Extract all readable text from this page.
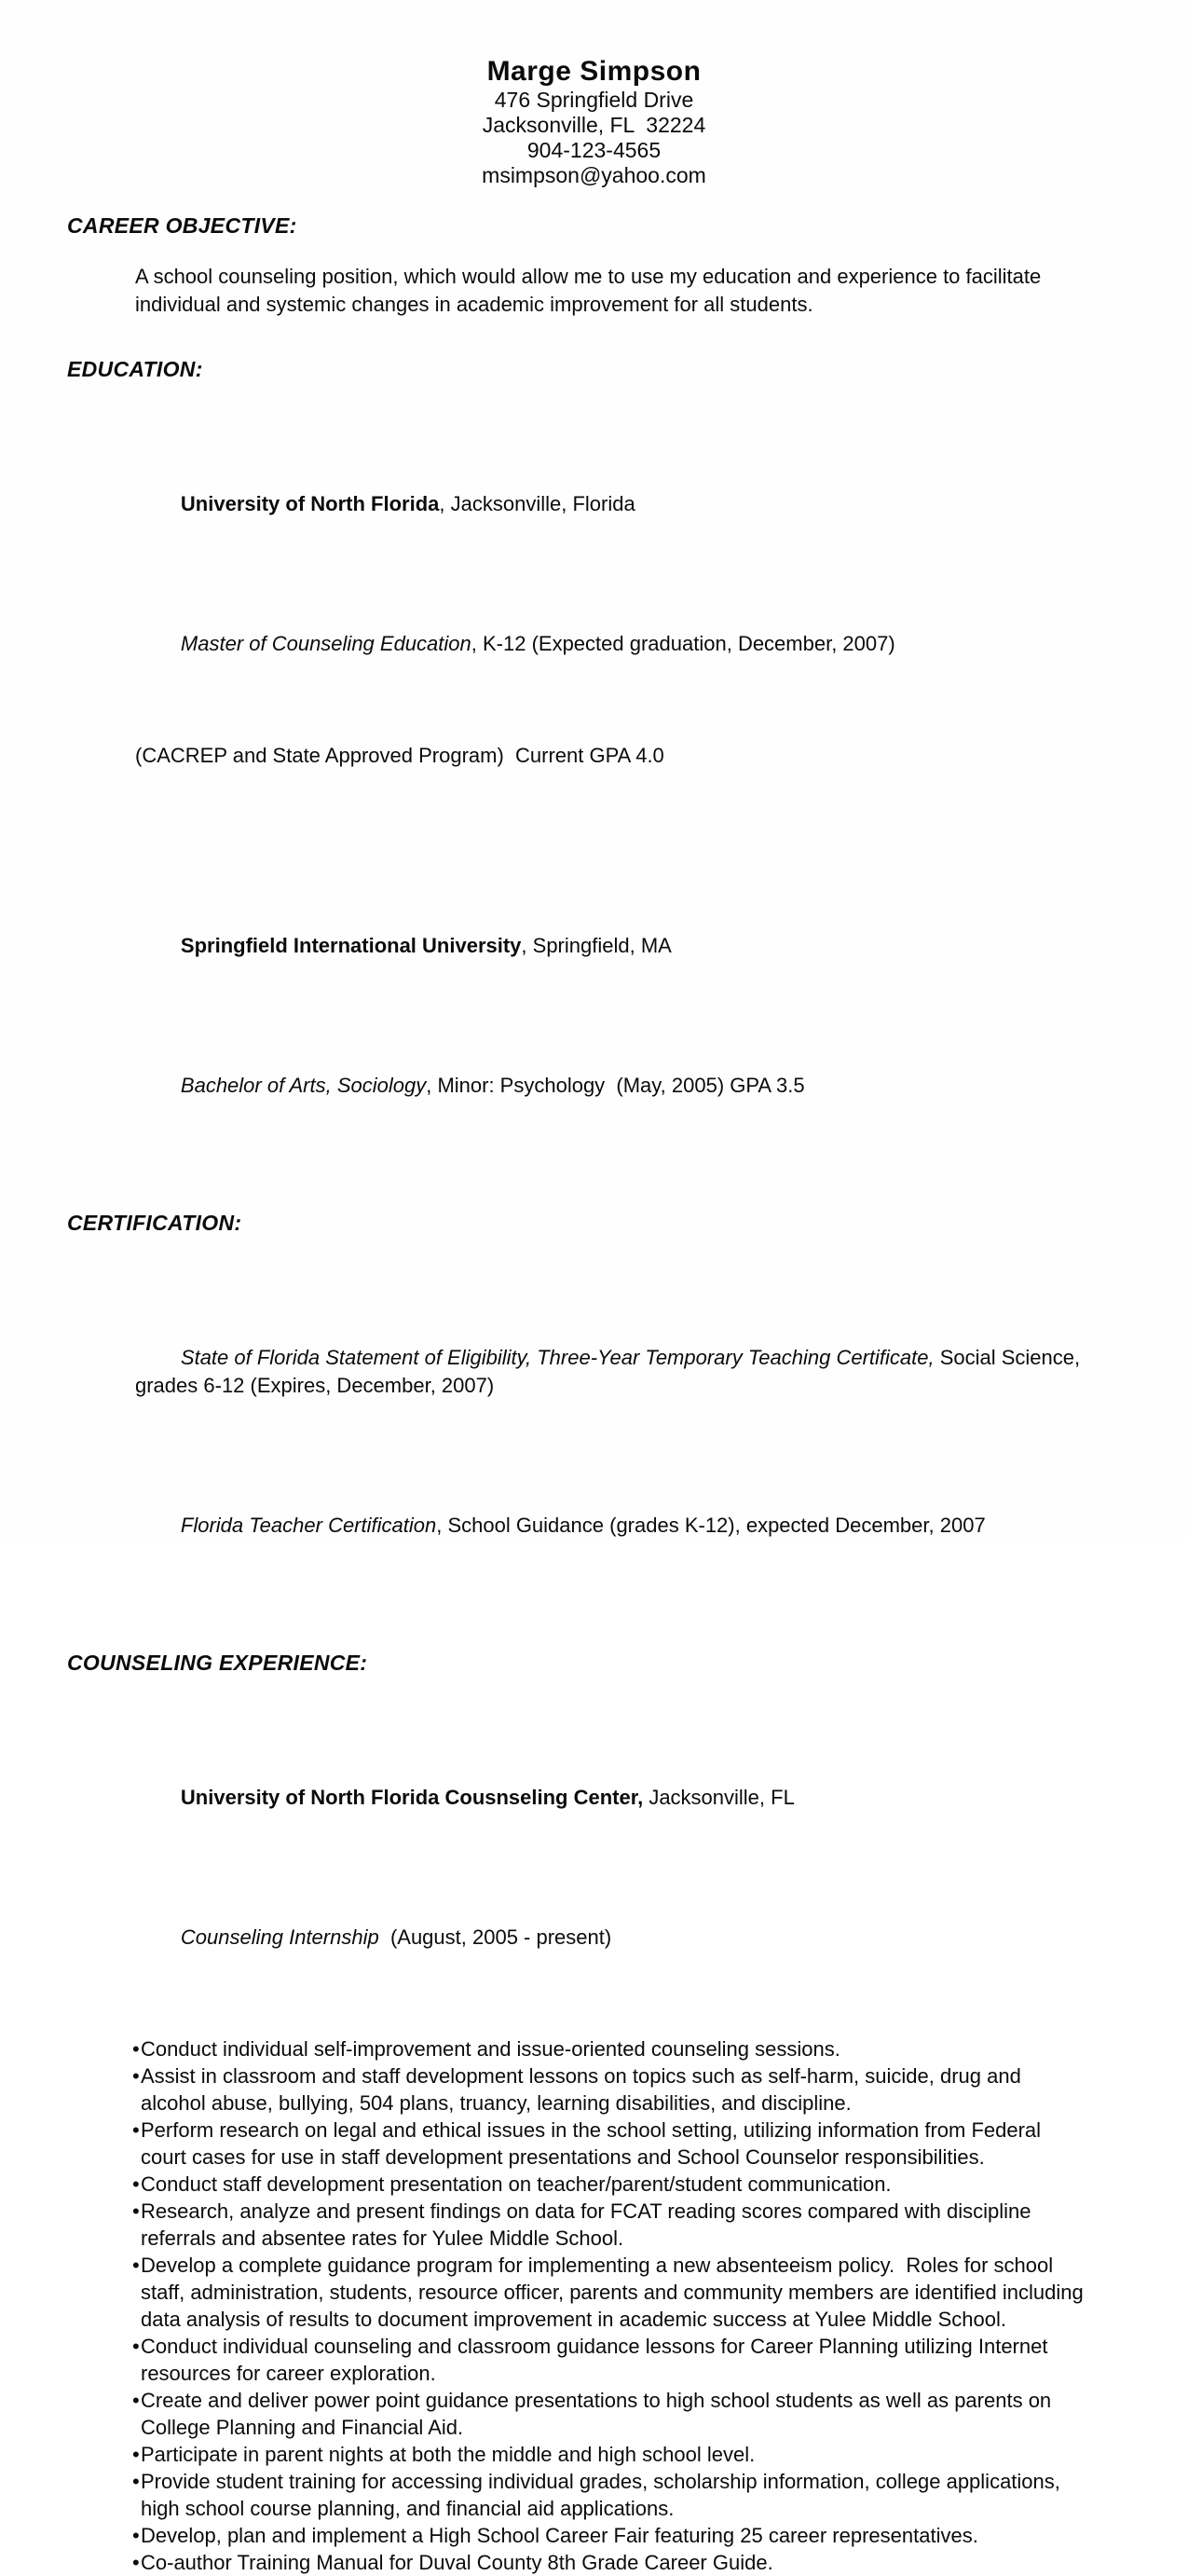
Marge Simpson
476 Springfield Drive
Jacksonville, FL  32224
904-123-4565
msimpson@yahoo.com
CAREER OBJECTIVE:
A school counseling position, which would allow me to use my education and experience to facilitate individual and systemic changes in academic improvement for all students.
EDUCATION:

University of North Florida, Jacksonville, Florida

Master of Counseling Education, K-12 (Expected graduation, December, 2007)

(CACREP and State Approved Program)  Current GPA 4.0

Springfield International University, Springfield, MA

Bachelor of Arts, Sociology, Minor: Psychology  (May, 2005) GPA 3.5

CERTIFICATION:

State of Florida Statement of Eligibility, Three-Year Temporary Teaching Certificate, Social Science, grades 6-12 (Expires, December, 2007)

Florida Teacher Certification, School Guidance (grades K-12), expected December, 2007

COUNSELING EXPERIENCE:

University of North Florida Cousnseling Center, Jacksonville, FL

Counseling Internship  (August, 2005 - present)

• Conduct individual self-improvement and issue-oriented counseling sessions.
• Assist in classroom and staff development lessons on topics such as self-harm, suicide, drug and alcohol abuse, bullying, 504 plans, truancy, learning disabilities, and discipline.
• Perform research on legal and ethical issues in the school setting, utilizing information from Federal court cases for use in staff development presentations and School Counselor responsibilities.
• Conduct staff development presentation on teacher/parent/student communication.
• Research, analyze and present findings on data for FCAT reading scores compared with discipline referrals and absentee rates for Yulee Middle School.
• Develop a complete guidance program for implementing a new absenteeism policy.  Roles for school staff, administration, students, resource officer, parents and community members are identified including data analysis of results to document improvement in academic success at Yulee Middle School.
• Conduct individual counseling and classroom guidance lessons for Career Planning utilizing Internet resources for career exploration.
• Create and deliver power point guidance presentations to high school students as well as parents on College Planning and Financial Aid.
• Participate in parent nights at both the middle and high school level.
• Provide student training for accessing individual grades, scholarship information, college applications, high school course planning, and financial aid applications.
• Develop, plan and implement a High School Career Fair featuring 25 career representatives.
• Co-author Training Manual for Duval County 8th Grade Career Guide.
